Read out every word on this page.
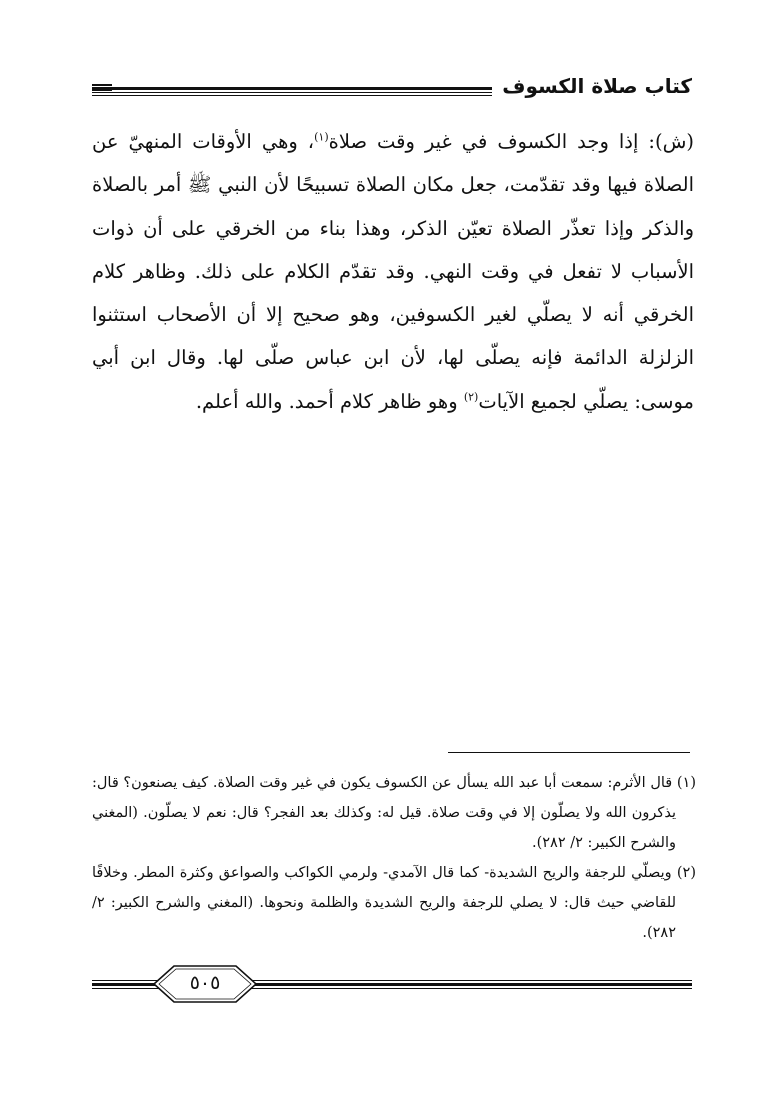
كتاب صلاة الكسوف
(ش): إذا وجد الكسوف في غير وقت صلاة$^{(١)}$، وهي الأوقات المنهيّ عن الصلاة فيها وقد تقدّمت، جعل مكان الصلاة تسبيحًا لأن النبي ﷺ أمر بالصلاة والذكر وإذا تعذّر الصلاة تعيّن الذكر، وهذا بناء من الخرقي على أن ذوات الأسباب لا تفعل في وقت النهي. وقد تقدّم الكلام على ذلك. وظاهر كلام الخرقي أنه لا يصلّي لغير الكسوفين، وهو صحيح إلا أن الأصحاب استثنوا الزلزلة الدائمة فإنه يصلّى لها، لأن ابن عباس صلّى لها. وقال ابن أبي موسى: يصلّي لجميع الآيات$^{(٢)}$ وهو ظاهر كلام أحمد. والله أعلم.

(١) قال الأثرم: سمعت أبا عبد الله يسأل عن الكسوف يكون في غير وقت الصلاة. كيف يصنعون؟ قال: يذكرون الله ولا يصلّون إلا في وقت صلاة. قيل له: وكذلك بعد الفجر؟ قال: نعم لا يصلّون. (المغني والشرح الكبير: ٢/ ٢٨٢).

(٢) ويصلّي للرجفة والريح الشديدة- كما قال الآمدي- ولرمي الكواكب والصواعق وكثرة المطر. وخلافًا للقاضي حيث قال: لا يصلي للرجفة والريح الشديدة والظلمة ونحوها. (المغني والشرح الكبير: ٢/ ٢٨٢).

٥٠٥
